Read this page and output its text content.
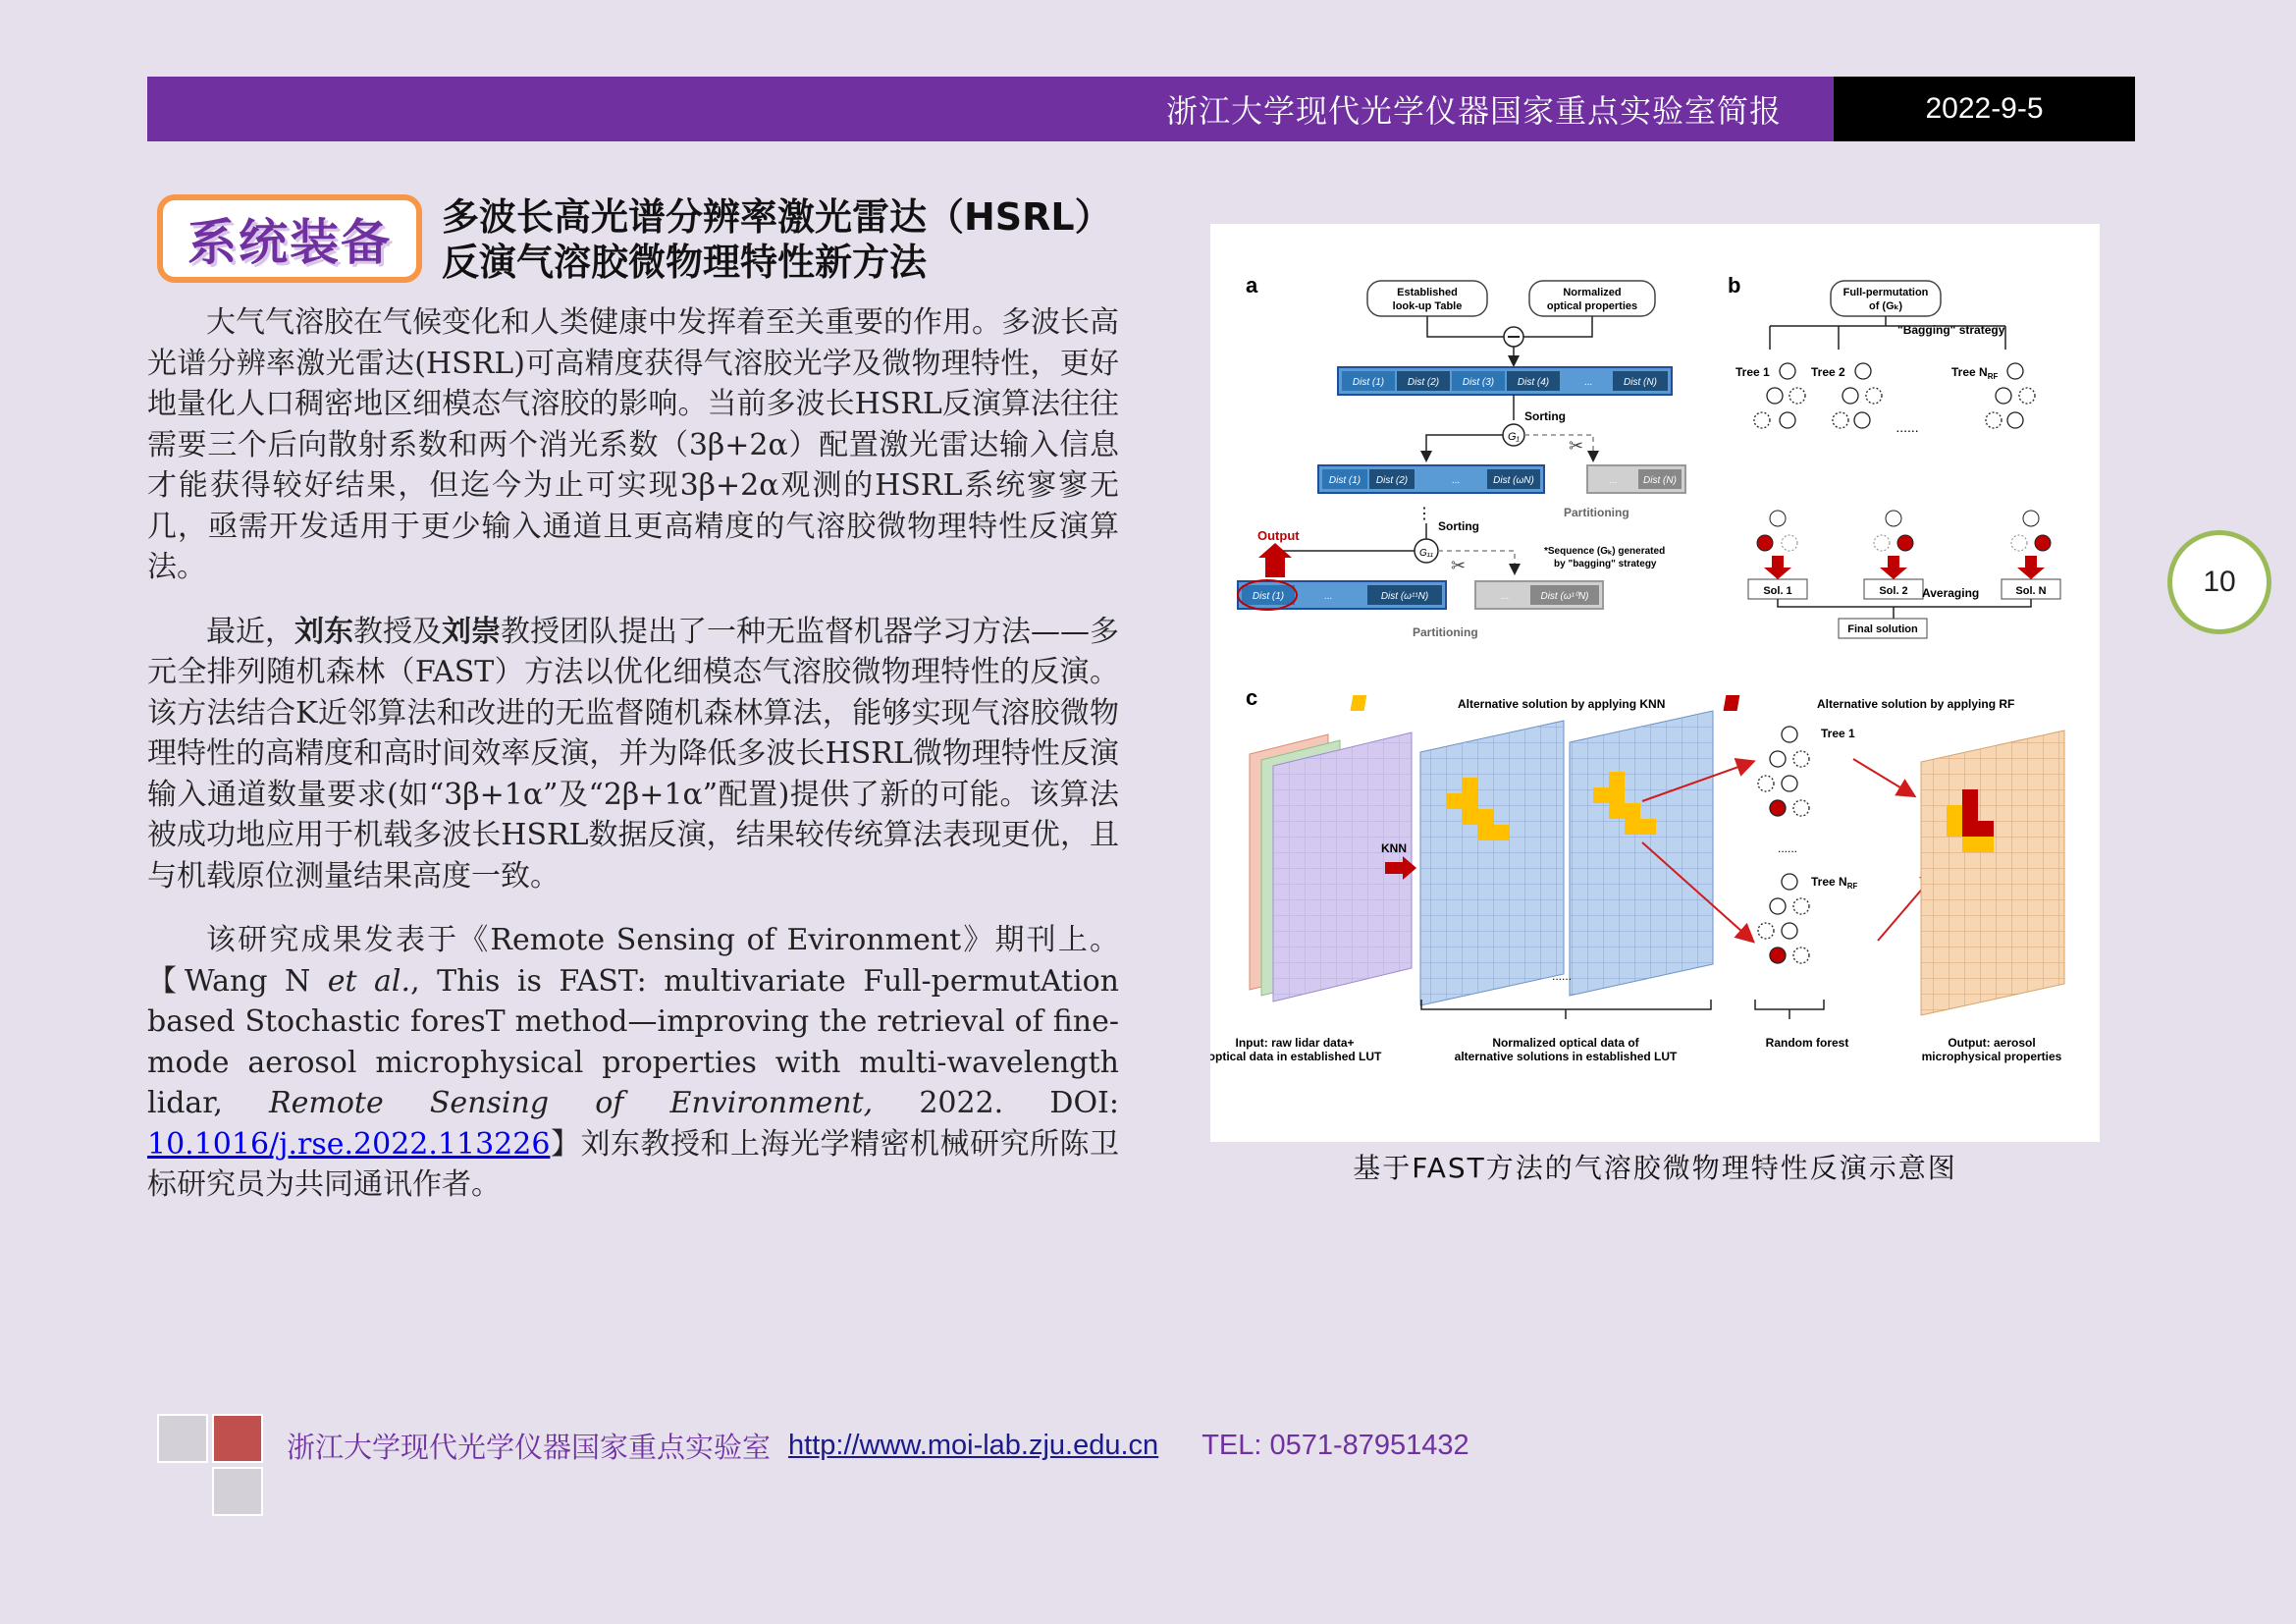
浙江大学现代光学仪器国家重点实验室简报	2022-9-5
10
系统装备 多波长高光谱分辨率激光雷达（HSRL）
反演气溶胶微物理特性新方法

大气气溶胶在气候变化和人类健康中发挥着至关重要的作用。多波长高光谱分辨率激光雷达(HSRL)可高精度获得气溶胶光学及微物理特性，更好地量化人口稠密地区细模态气溶胶的影响。当前多波长HSRL反演算法往往需要三个后向散射系数和两个消光系数（3β+2α）配置激光雷达输入信息才能获得较好结果，但迄今为止可实现3β+2α观测的HSRL系统寥寥无几，亟需开发适用于更少输入通道且更高精度的气溶胶微物理特性反演算法。

最近，刘东教授及刘崇教授团队提出了一种无监督机器学习方法——多元全排列随机森林（FAST）方法以优化细模态气溶胶微物理特性的反演。该方法结合K近邻算法和改进的无监督随机森林算法，能够实现气溶胶微物理特性的高精度和高时间效率反演，并为降低多波长HSRL微物理特性反演输入通道数量要求(如“3β+1α”及“2β+1α”配置)提供了新的可能。该算法被成功地应用于机载多波长HSRL数据反演，结果较传统算法表现更优，且与机载原位测量结果高度一致。

该研究成果发表于《Remote Sensing of Evironment》期刊上。【Wang N et al., This is FAST: multivariate Full-permutAtion based Stochastic foresT method—improving the retrieval of fine-mode aerosol microphysical properties with multi-wavelength lidar, Remote Sensing of Environment, 2022. DOI: 10.1016/j.rse.2022.113226】刘东教授和上海光学精密机械研究所陈卫标研究员为共同通讯作者。

a	Established
look-up Table
Normalized
optical properties
Dist (1) Dist (2) Dist (3) Dist (4)	...	Dist (N)
Sorting
G₁	✂
Dist (1) Dist (2)	...	Dist (ωN)	...	Dist (N)
Partitioning
⋮
Sorting
G₁₁
✂
Output
Dist (1)	...	Dist (ω¹¹N)	...	Dist (ω¹⁰N)
Partitioning
*Sequence (Gₖ) generated
by "bagging" strategy
b	Full-permutation
of (Gₖ)
"Bagging" strategy
Tree 1	Tree 2	Tree $N_{RF}$
......
Sol. 1	Sol. 2	Sol. N
Averaging
Final solution
c	Alternative solution by applying KNN	Alternative solution by applying RF
KNN
......
Tree 1
......
Tree $N_{RF}$
Input: raw lidar data+
optical data in established LUT
Normalized optical data of
alternative solutions in established LUT
Random forest	Output: aerosol
microphysical properties
基于FAST方法的气溶胶微物理特性反演示意图
浙江大学现代光学仪器国家重点实验室 http://www.moi-lab.zju.edu.cn TEL: 0571-87951432
